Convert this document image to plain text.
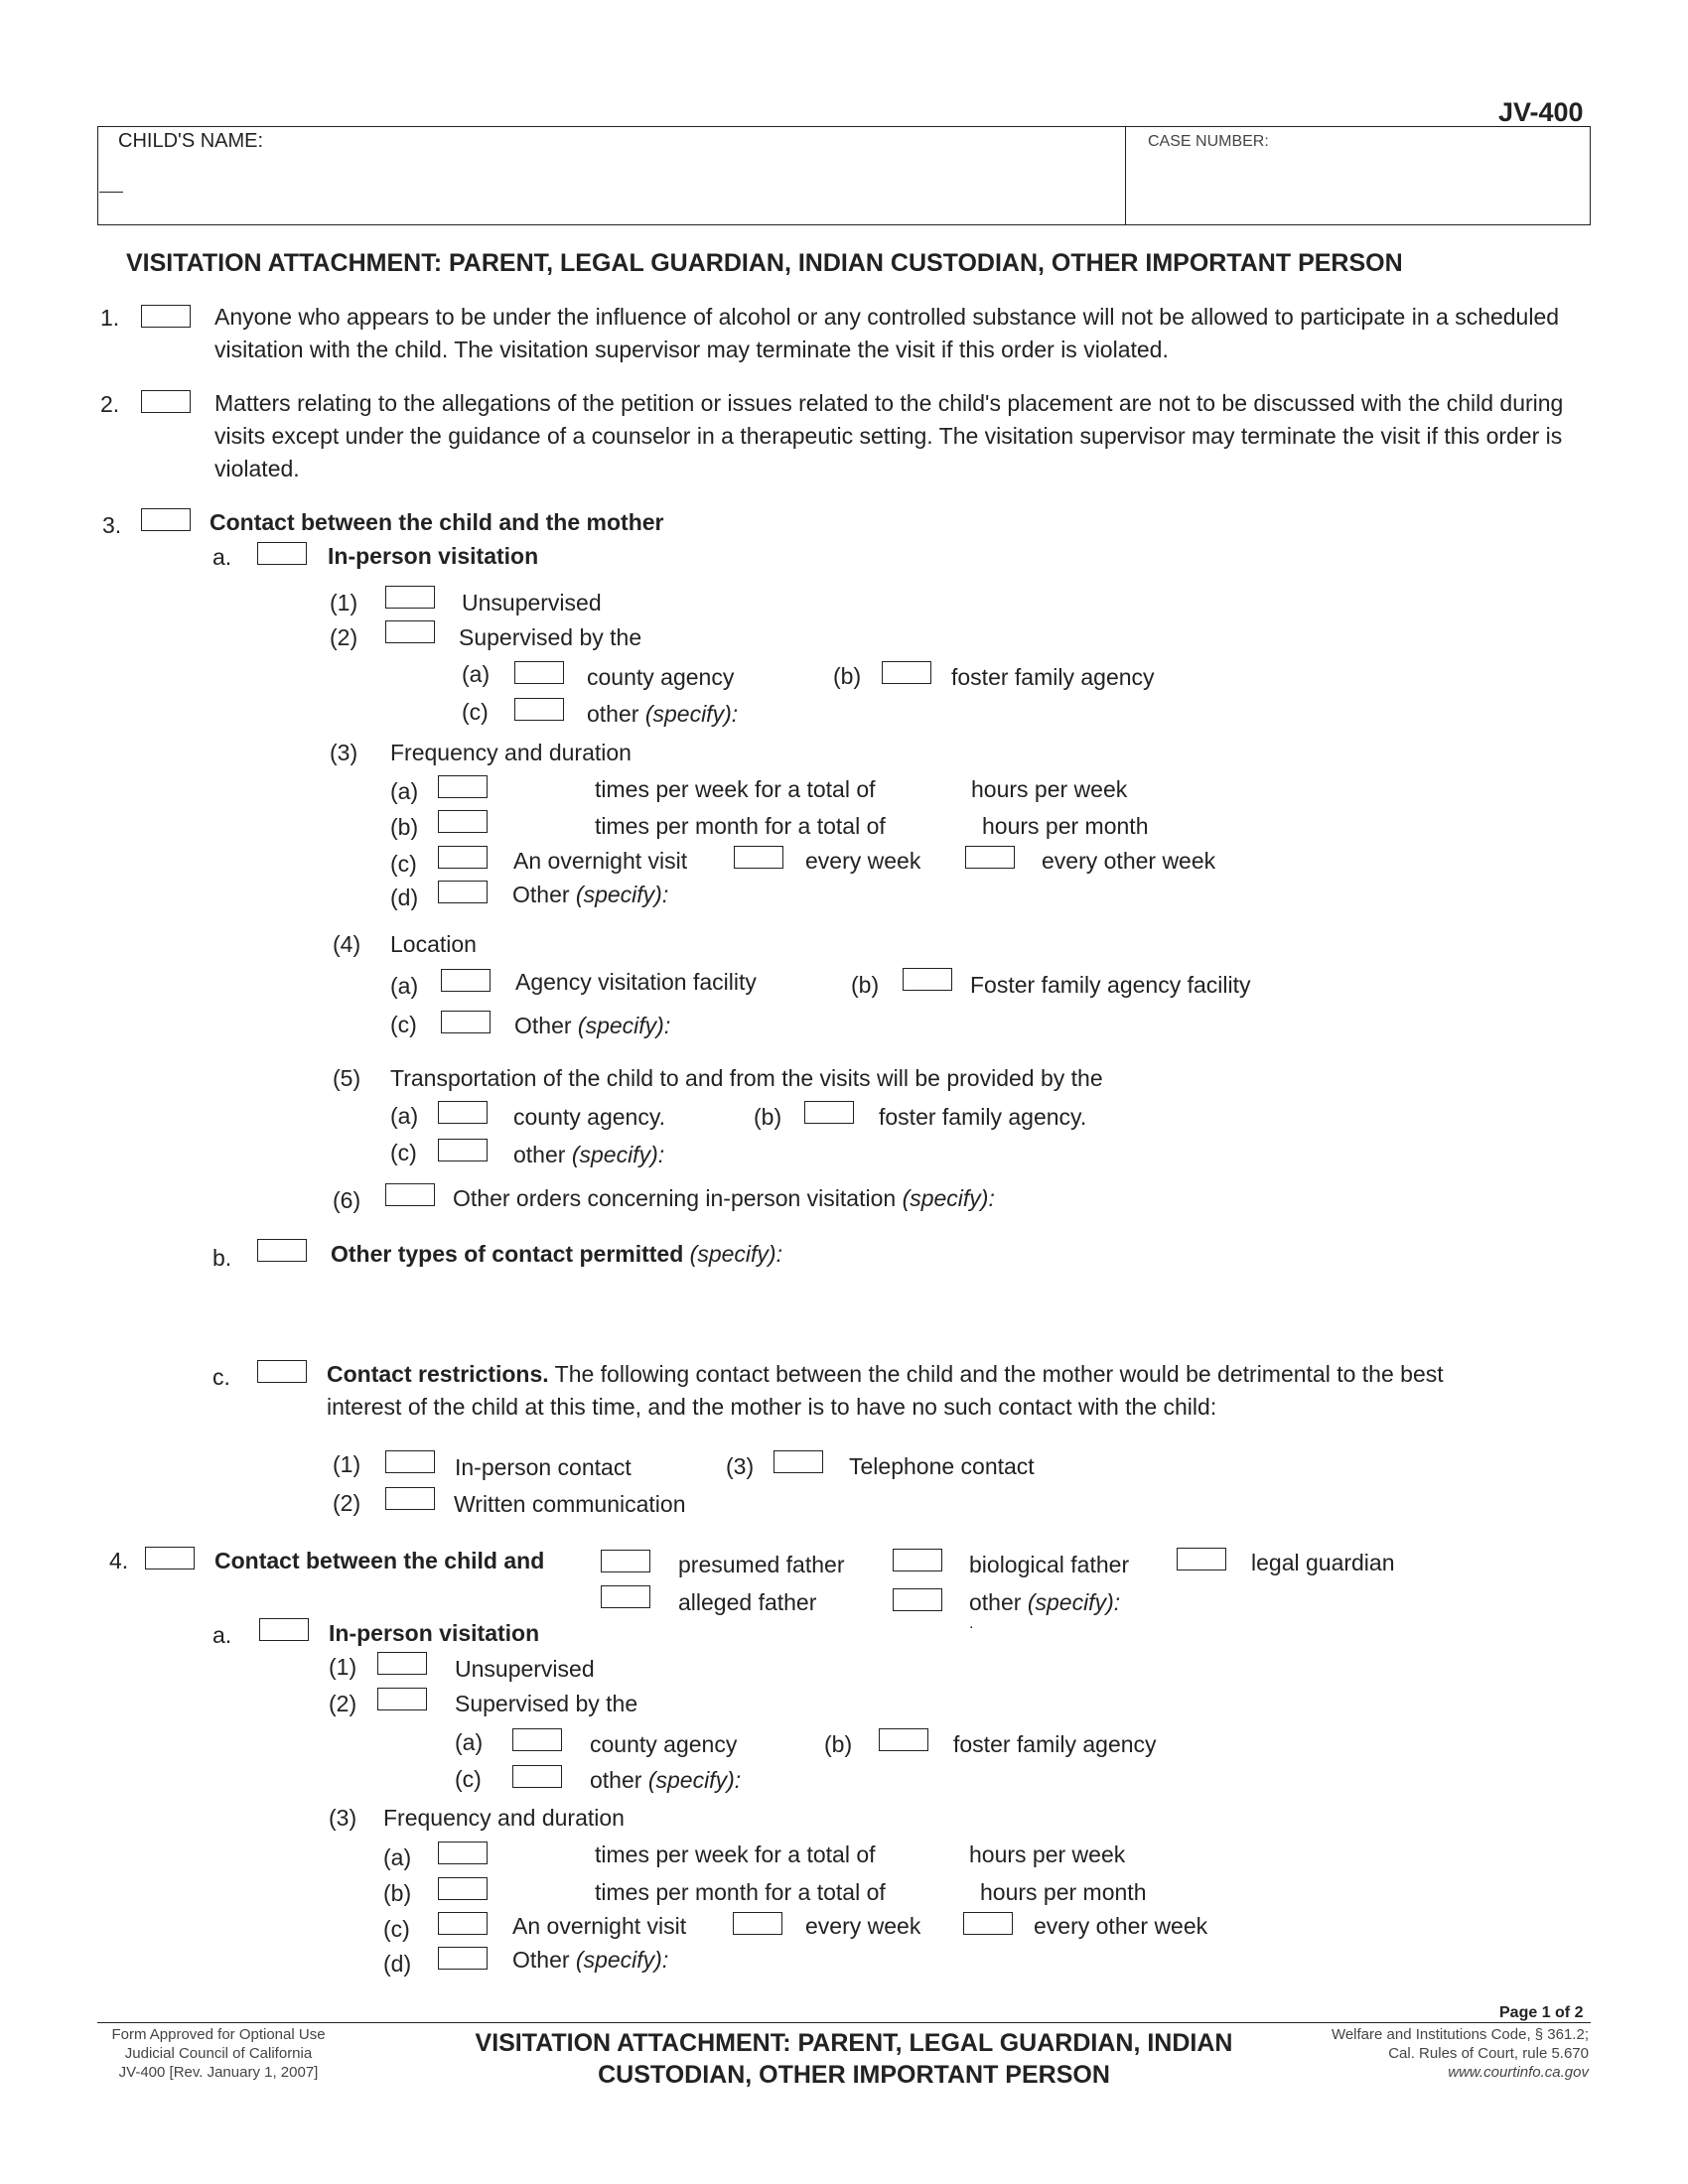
JV-400
CHILD'S NAME:	CASE NUMBER:
VISITATION ATTACHMENT: PARENT, LEGAL GUARDIAN, INDIAN CUSTODIAN, OTHER IMPORTANT PERSON
1.	Anyone who appears to be under the influence of alcohol or any controlled substance will not be allowed to participate in a scheduled visitation with the child. The visitation supervisor may terminate the visit if this order is violated.
2.	Matters relating to the allegations of the petition or issues related to the child's placement are not to be discussed with the child during visits except under the guidance of a counselor in a therapeutic setting. The visitation supervisor may terminate the visit if this order is violated.
3.	Contact between the child and the mother
a.	In-person visitation
(1)	Unsupervised
(2)	Supervised by the
(a)	county agency	(b)	foster family agency
(c)	other (specify):
(3) Frequency and duration
(a)	times per week for a total of	hours per week
(b)	times per month for a total of	hours per month
(c)	An overnight visit	every week	every other week
(d)	Other (specify):
(4) Location
(a)	Agency visitation facility	(b)	Foster family agency facility
(c)	Other (specify):
(5) Transportation of the child to and from the visits will be provided by the
(a)	county agency.	(b)	foster family agency.
(c)	other (specify):
(6)	Other orders concerning in-person visitation (specify):
b.	Other types of contact permitted (specify):
c.	Contact restrictions. The following contact between the child and the mother would be detrimental to the best
interest of the child at this time, and the mother is to have no such contact with the child:
(1)	In-person contact	(3)	Telephone contact
(2)	Written communication
4.	Contact between the child and	presumed father	biological father	legal guardian
alleged father	other (specify):
.
a.	In-person visitation
(1)	Unsupervised
(2)	Supervised by the
(a)	county agency	(b)	foster family agency
(c)	other (specify):
(3) Frequency and duration
(a)	times per week for a total of	hours per week
(b)	times per month for a total of	hours per month
(c)	An overnight visit	every week	every other week
(d)	Other (specify):
Page 1 of 2
Form Approved for Optional Use
Judicial Council of California
JV-400 [Rev. January 1, 2007]
VISITATION ATTACHMENT: PARENT, LEGAL GUARDIAN, INDIAN
CUSTODIAN, OTHER IMPORTANT PERSON
Welfare and Institutions Code, § 361.2;
Cal. Rules of Court, rule 5.670
www.courtinfo.ca.gov
